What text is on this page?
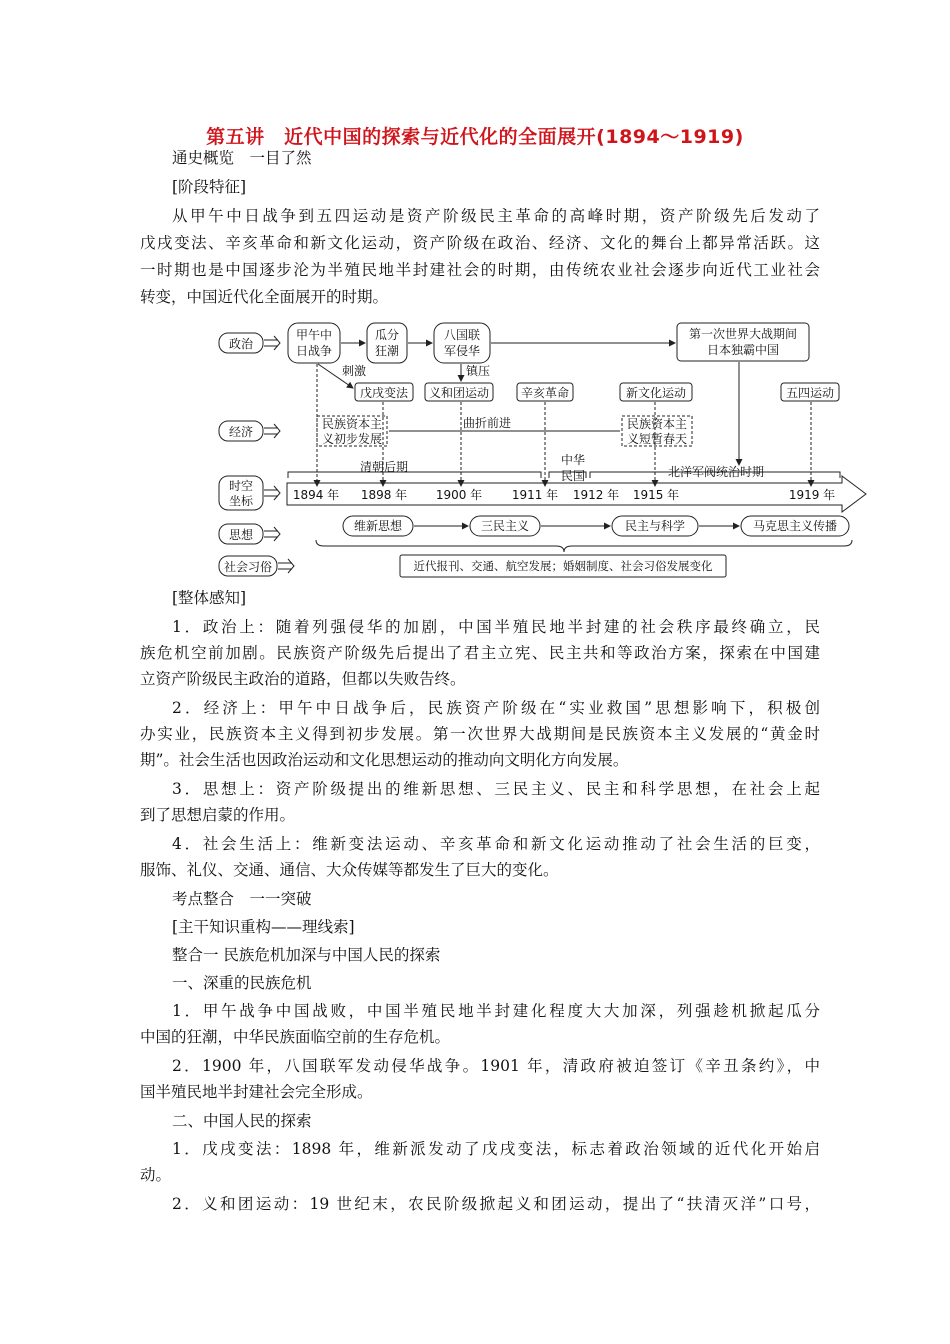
第五讲　近代中国的探索与近代化的全面展开(1894～1919)
通史概览　一目了然
[阶段特征]
从甲午中日战争到五四运动是资产阶级民主革命的高峰时期，资产阶级先后发动了
戊戌变法、辛亥革命和新文化运动，资产阶级在政治、经济、文化的舞台上都异常活跃。这
一时期也是中国逐步沦为半殖民地半封建社会的时期，由传统农业社会逐步向近代工业社会
转变，中国近代化全面展开的时期。
政治
经济
时空
坐标
思想
社会习俗
甲午中
日战争
瓜分
狂潮
八国联
军侵华
第一次世界大战期间
日本独霸中国
戊戌变法 义和团运动	辛亥革命	新文化运动	五四运动
刺激	镇压
民族资本主
义初步发展
民族资本主
义短暂春天
曲折前进
清朝后期	中华
民国	北洋军阀统治时期
1894 年 1898 年 1900 年 1911 年 1912 年 1915 年	1919 年
维新思想	三民主义	民主与科学	马克思主义传播
近代报刊、交通、航空发展；婚姻制度、社会习俗发展变化
[整体感知]
1．政治上：随着列强侵华的加剧，中国半殖民地半封建的社会秩序最终确立，民
族危机空前加剧。民族资产阶级先后提出了君主立宪、民主共和等政治方案，探索在中国建
立资产阶级民主政治的道路，但都以失败告终。
2．经济上：甲午中日战争后，民族资产阶级在“实业救国”思想影响下，积极创
办实业，民族资本主义得到初步发展。第一次世界大战期间是民族资本主义发展的“黄金时
期”。社会生活也因政治运动和文化思想运动的推动向文明化方向发展。
3．思想上：资产阶级提出的维新思想、三民主义、民主和科学思想，在社会上起
到了思想启蒙的作用。
4．社会生活上：维新变法运动、辛亥革命和新文化运动推动了社会生活的巨变，
服饰、礼仪、交通、通信、大众传媒等都发生了巨大的变化。
考点整合　一一突破
[主干知识重构——理线索]
整合一 民族危机加深与中国人民的探索
一、深重的民族危机
1．甲午战争中国战败，中国半殖民地半封建化程度大大加深，列强趁机掀起瓜分
中国的狂潮，中华民族面临空前的生存危机。
2．1900 年，八国联军发动侵华战争。1901 年，清政府被迫签订《辛丑条约》，中
国半殖民地半封建社会完全形成。
二、中国人民的探索
1．戊戌变法：1898 年，维新派发动了戊戌变法，标志着政治领域的近代化开始启
动。
2．义和团运动：19 世纪末，农民阶级掀起义和团运动，提出了“扶清灭洋”口号，
